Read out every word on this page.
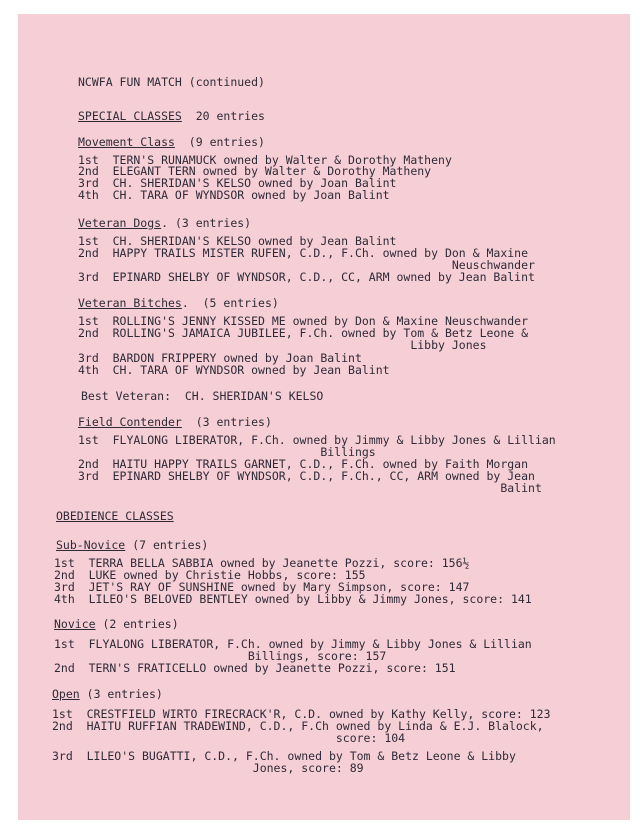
NCWFA FUN MATCH (continued)
SPECIAL CLASSES 20 entries
Movement Class (9 entries)
1st  TERN'S RUNAMUCK owned by Walter & Dorothy Matheny
2nd  ELEGANT TERN owned by Walter & Dorothy Matheny
3rd  CH. SHERIDAN'S KELSO owned by Joan Balint
4th  CH. TARA OF WYNDSOR owned by Joan Balint
Veteran Dogs. (3 entries)
1st  CH. SHERIDAN'S KELSO owned by Jean Balint
2nd  HAPPY TRAILS MISTER RUFEN, C.D., F.Ch. owned by Don & Maxine
Neuschwander
3rd  EPINARD SHELBY OF WYNDSOR, C.D., CC, ARM owned by Jean Balint
Veteran Bitches.  (5 entries)
1st  ROLLING'S JENNY KISSED ME owned by Don & Maxine Neuschwander
2nd  ROLLING'S JAMAICA JUBILEE, F.Ch. owned by Tom & Betz Leone &
Libby Jones
3rd  BARDON FRIPPERY owned by Joan Balint
4th  CH. TARA OF WYNDSOR owned by Jean Balint
Best Veteran:  CH. SHERIDAN'S KELSO
Field Contender (3 entries)
1st  FLYALONG LIBERATOR, F.Ch. owned by Jimmy & Libby Jones & Lillian
Billings
2nd  HAITU HAPPY TRAILS GARNET, C.D., F.Ch. owned by Faith Morgan
3rd  EPINARD SHELBY OF WYNDSOR, C.D., F.Ch., CC, ARM owned by Jean
Balint
OBEDIENCE CLASSES
Sub-Novice (7 entries)
1st  TERRA BELLA SABBIA owned by Jeanette Pozzi, score: 156½
2nd  LUKE owned by Christie Hobbs, score: 155
3rd  JET'S RAY OF SUNSHINE owned by Mary Simpson, score: 147
4th  LILEO'S BELOVED BENTLEY owned by Libby & Jimmy Jones, score: 141
Novice (2 entries)
1st  FLYALONG LIBERATOR, F.Ch. owned by Jimmy & Libby Jones & Lillian
Billings, score: 157
2nd  TERN'S FRATICELLO owned by Jeanette Pozzi, score: 151
Open (3 entries)
1st  CRESTFIELD WIRTO FIRECRACK'R, C.D. owned by Kathy Kelly, score: 123
2nd  HAITU RUFFIAN TRADEWIND, C.D., F.Ch owned by Linda & E.J. Blalock,
score: 104
3rd  LILEO'S BUGATTI, C.D., F.Ch. owned by Tom & Betz Leone & Libby
Jones, score: 89
